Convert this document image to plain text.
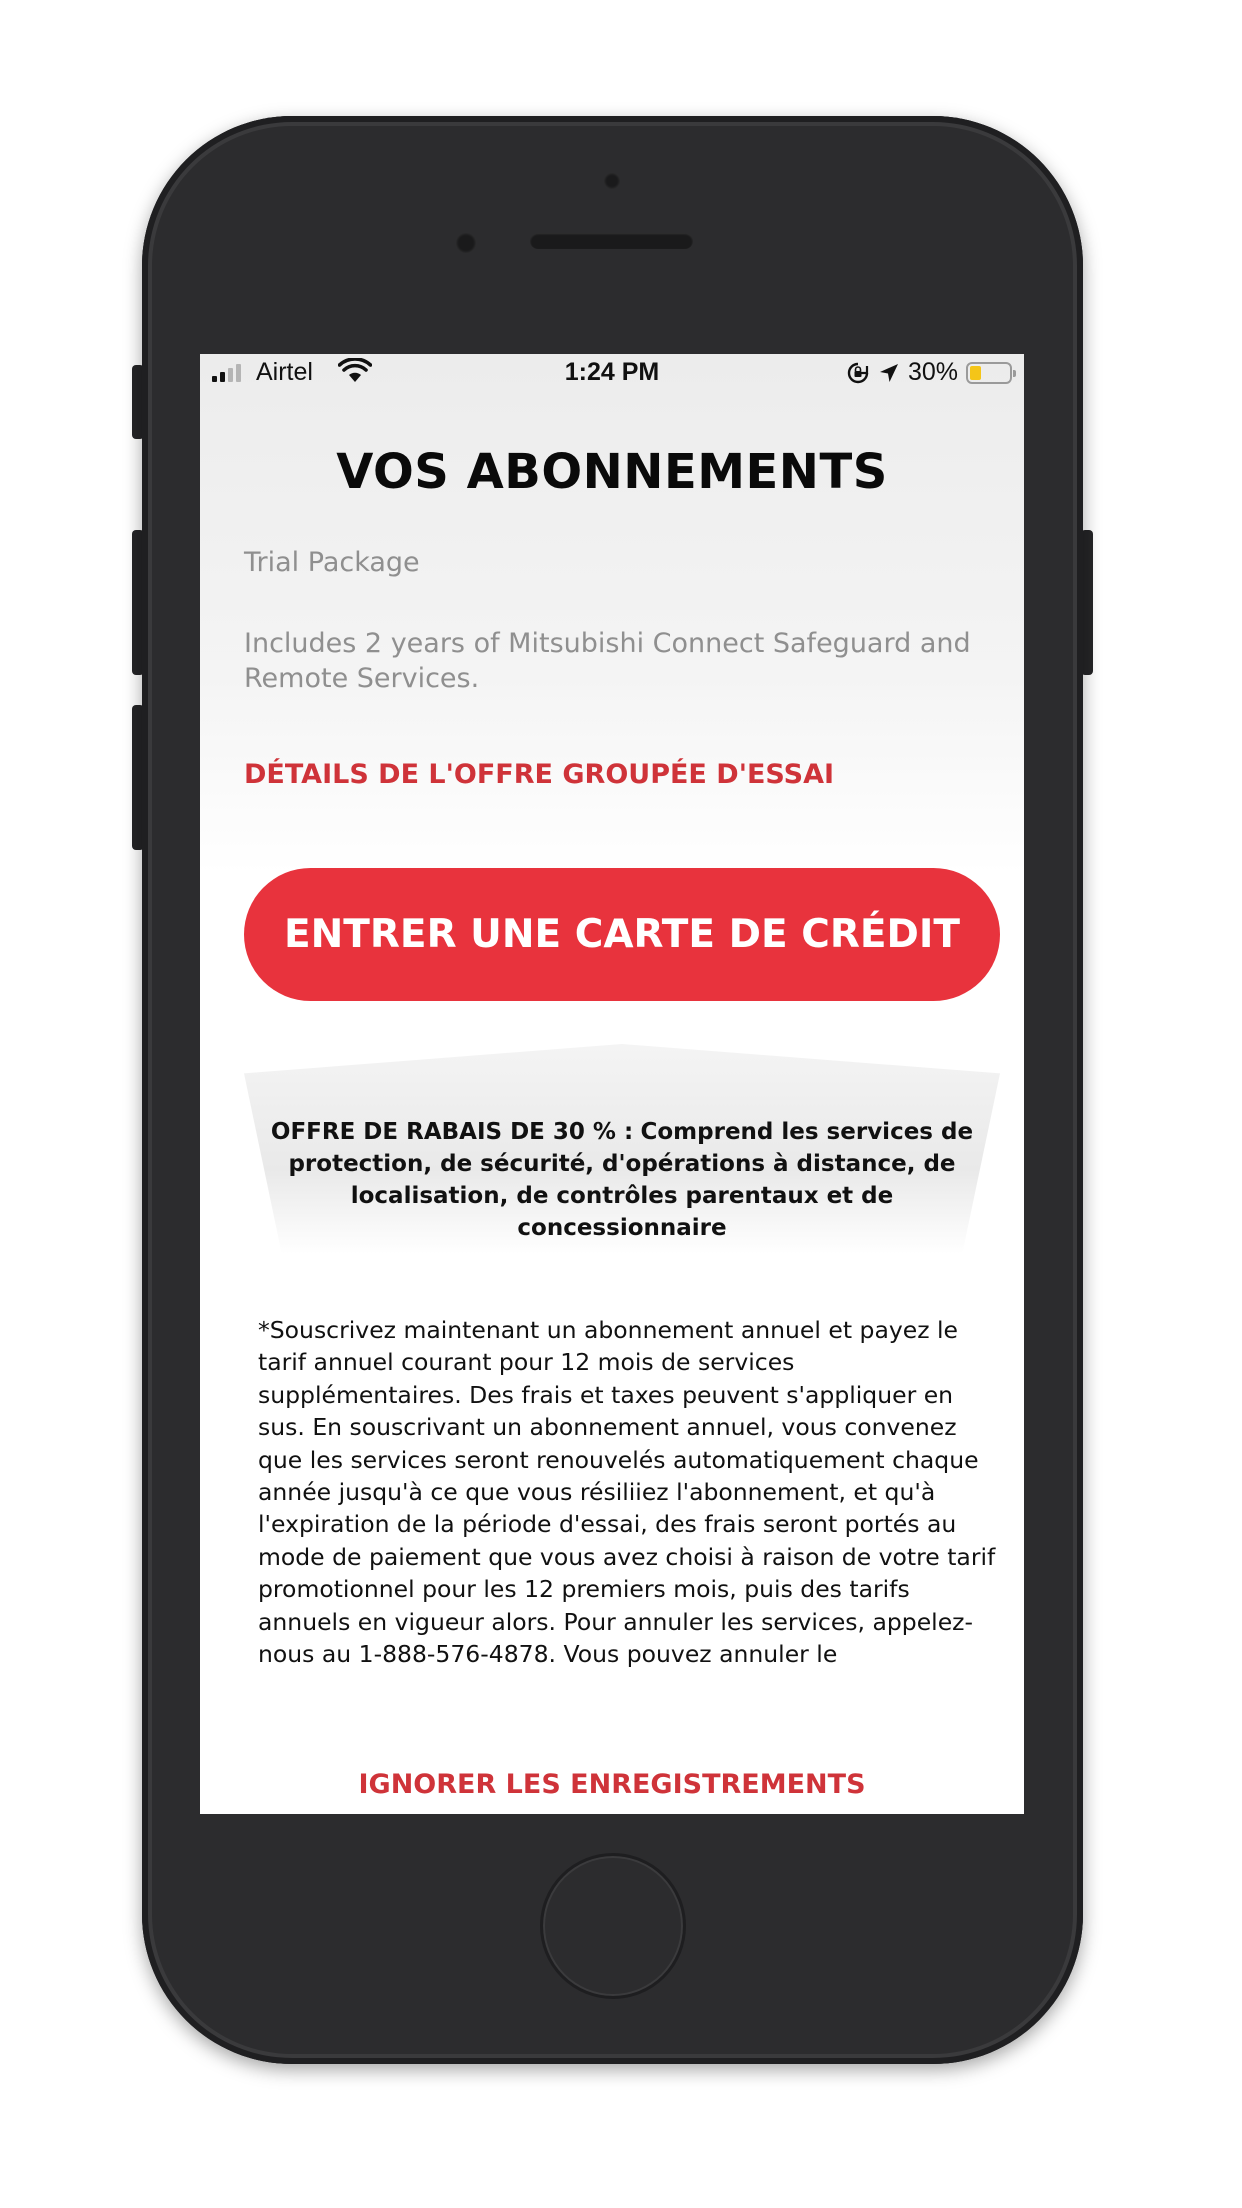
Airtel	1:24 PM	30%
VOS ABONNEMENTS
Trial Package
Includes 2 years of Mitsubishi Connect Safeguard and Remote Services.
DÉTAILS DE L'OFFRE GROUPÉE D'ESSAI
ENTRER UNE CARTE DE CRÉDIT
OFFRE DE RABAIS DE 30 % : Comprend les services de protection, de sécurité, d'opérations à distance, de localisation, de contrôles parentaux et de concessionnaire
*Souscrivez maintenant un abonnement annuel et payez le tarif annuel courant pour 12 mois de services supplémentaires. Des frais et taxes peuvent s'appliquer en sus. En souscrivant un abonnement annuel, vous convenez que les services seront renouvelés automatiquement chaque année jusqu'à ce que vous résiliiez l'abonnement, et qu'à l'expiration de la période d'essai, des frais seront portés au mode de paiement que vous avez choisi à raison de votre tarif promotionnel pour les 12 premiers mois, puis des tarifs annuels en vigueur alors. Pour annuler les services, appelez-nous au 1-888-576-4878. Vous pouvez annuler le
IGNORER LES ENREGISTREMENTS
